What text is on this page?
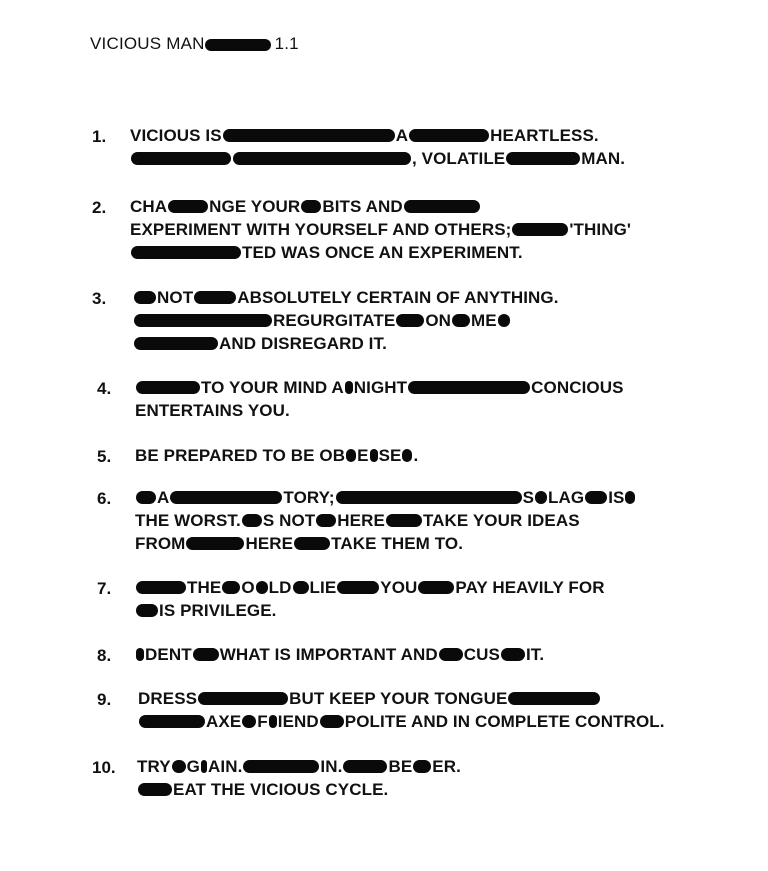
VICIOUS MAN	1.1
1. VICIOUS IS	A	HEARTLESS.
, VOLATILE	MAN.
2. CHA NGE YOURBITS AND
EXPERIMENT WITH YOURSELF AND OTHERS;	'THING'
TED WAS ONCE AN EXPERIMENT.
3.	NOT	ABSOLUTELY CERTAIN OF ANYTHING.
REGURGITATEON ME
AND DISREGARD IT.
4.	TO YOUR MIND ANIGHT	CONCIOUS
ENTERTAINS YOU.
5. BE PREPARED TO BE OB E SE .
6.	A	TORY;	S LAG IS
THE WORST.S NOTHERETAKE YOUR IDEAS
FROM	HERETAKE THEM TO.
7.	THEO LDLIE	YOUPAY HEAVILY FOR
IS PRIVILEGE.
8.	DENTWHAT IS IMPORTANT ANDCUSIT.
9. DRESS	BUT KEEP YOUR TONGUE
AXEF IENDPOLITE AND IN COMPLETE CONTROL.
10. TRYG AIN.	IN.	BE ER.
EAT THE VICIOUS CYCLE.
